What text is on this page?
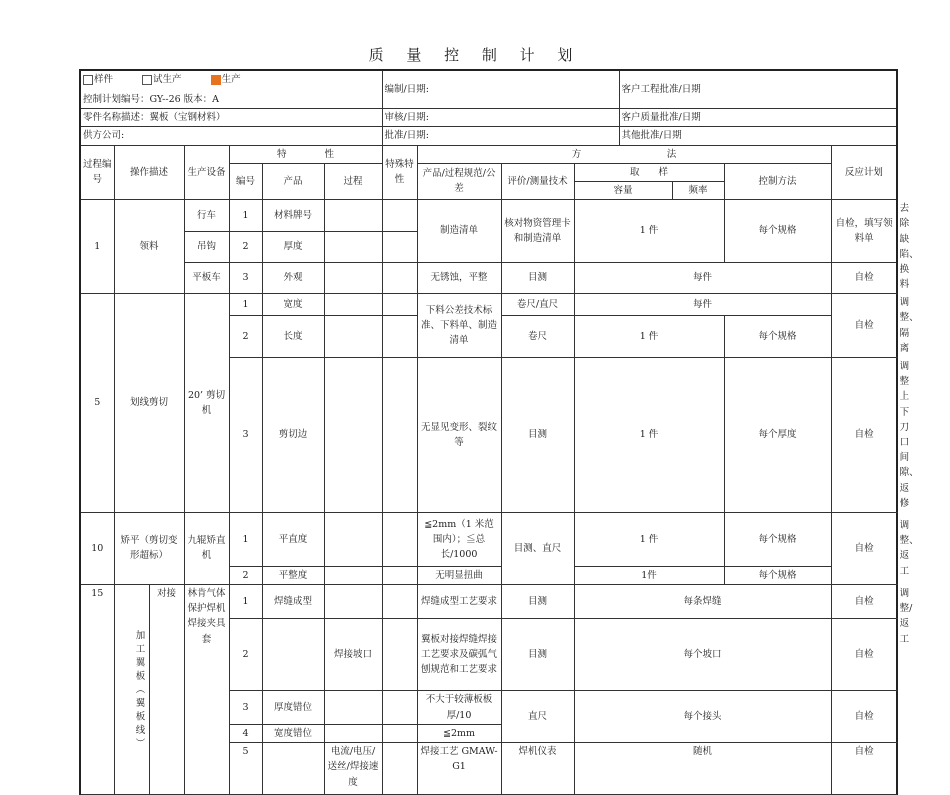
质 量 控 制 计 划
样件 试生产 生产
控制计划编号：GY--26 版本：A	编制/日期:	客户工程批准/日期
零件名称描述：翼板（宝钢材料）	审核/日期:	客户质量批准/日期
供方公司:	批准/日期:	其他批准/日期
过程编号	操作描述		生产设备	特　　　　性			特殊特性	方　　　　　　　　　法					反应计划	
				编号	产品	过程		产品/过程规范/公差	评价/测量技术	取　　样		控制方法		
										容量	频率			
1	领料		行车	1	材料牌号			制造清单	核对物资管理卡和制造清单	1 件		每个规格	自检，填写领料单	去除缺陷、换料
			吊钩	2	厚度									
			平板车	3	外观			无锈蚀，平整	目测	每件			自检	
5	划线剪切		20’ 剪切机	1	宽度			下料公差技术标准、下料单、制造清单	卷尺/直尺	每件			自检	调整、隔离
				2	长度				卷尺	1 件		每个规格		
				3	剪切边			无显见变形、裂纹等	目测	1 件		每个厚度	自检	调整上下刀口间隙、返修
10	矫平（剪切变形超标）		九辊矫直机	1	平直度			≦2mm（1 米范围内）；≦总长/1000	目测、直尺	1 件		每个规格	自检	调整、返工
				2	平整度			无明显扭曲		1件		每个规格		
15	加工翼板（翼板线）	对接	林肯气体保护焊机焊接夹具套	1	焊缝成型			焊缝成型工艺要求	目测	每条焊缝			自检	调整/返工
				2		焊接坡口		翼板对接焊缝焊接工艺要求及碳弧气刨规范和工艺要求	目测	每个坡口			自检	
				3	厚度错位			不大于较薄板板厚/10	直尺	每个接头			自检	
				4	宽度错位			≦2mm						
				5		电流/电压/送丝/焊接速度		焊接工艺 GMAW-G1	焊机仪表	随机			自检	
